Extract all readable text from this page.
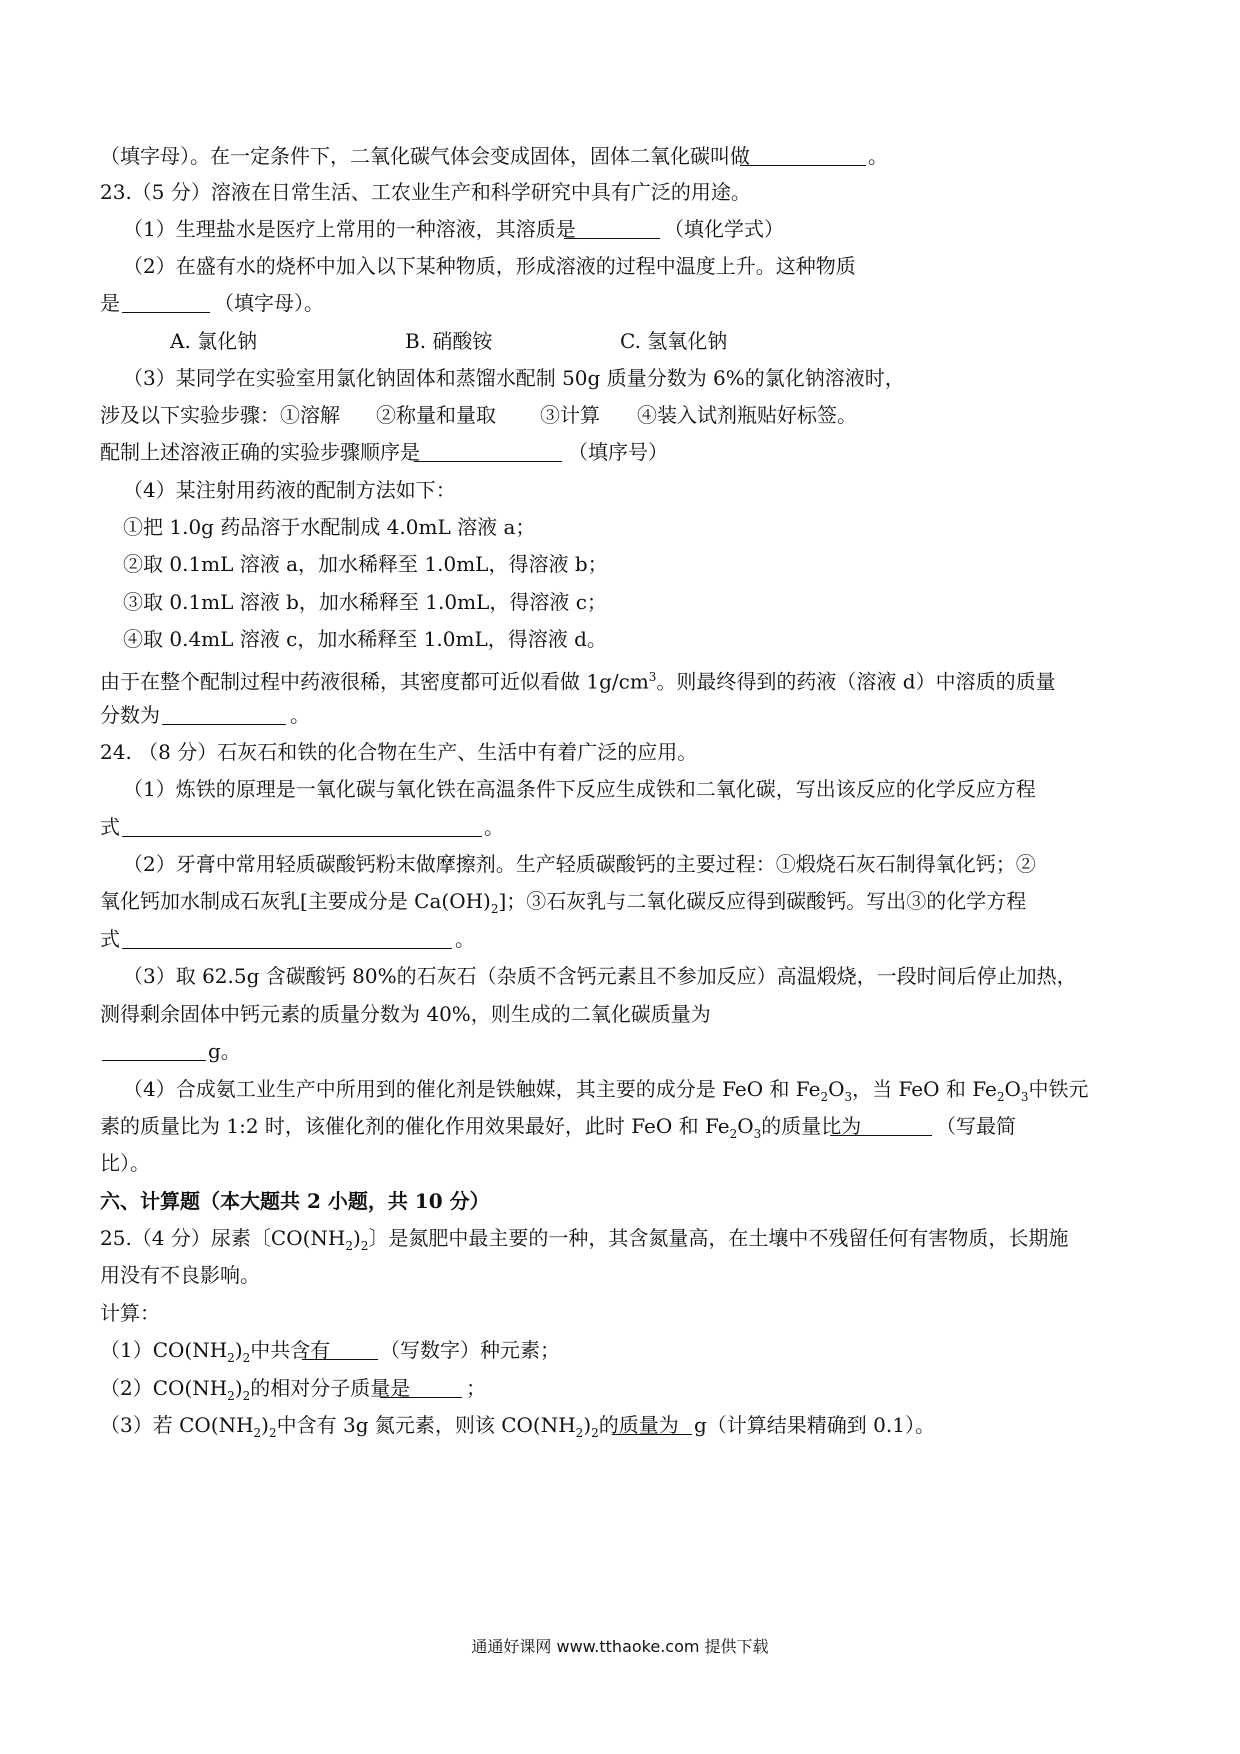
（填字母）。在一定条件下，二氧化碳气体会变成固体，固体二氧化碳叫做	。
23.（5 分）溶液在日常生活、工农业生产和科学研究中具有广泛的用途。
（1）生理盐水是医疗上常用的一种溶液，其溶质是	（填化学式）
（2）在盛有水的烧杯中加入以下某种物质，形成溶液的过程中温度上升。这种物质
是	（填字母）。
A. 氯化钠	B. 硝酸铵	C. 氢氧化钠
（3）某同学在实验室用氯化钠固体和蒸馏水配制 50g 质量分数为 6%的氯化钠溶液时，
涉及以下实验步骤：①溶解 ②称量和量取 ③计算 ④装入试剂瓶贴好标签。
配制上述溶液正确的实验步骤顺序是	（填序号）
（4）某注射用药液的配制方法如下：
①把 1.0g 药品溶于水配制成 4.0mL 溶液 a；
②取 0.1mL 溶液 a，加水稀释至 1.0mL，得溶液 b；
③取 0.1mL 溶液 b，加水稀释至 1.0mL，得溶液 c；
④取 0.4mL 溶液 c，加水稀释至 1.0mL，得溶液 d。
由于在整个配制过程中药液很稀，其密度都可近似看做 $1g/cm^3$。则最终得到的药液（溶液 d）中溶质的质量
分数为	。
24. （8 分）石灰石和铁的化合物在生产、生活中有着广泛的应用。
（1）炼铁的原理是一氧化碳与氧化铁在高温条件下反应生成铁和二氧化碳，写出该反应的化学反应方程
式	。
（2）牙膏中常用轻质碳酸钙粉末做摩擦剂。生产轻质碳酸钙的主要过程：①煅烧石灰石制得氧化钙；②
氧化钙加水制成石灰乳[主要成分是 $Ca(OH)_2$]；③石灰乳与二氧化碳反应得到碳酸钙。写出③的化学方程
式	。
（3）取 62.5g 含碳酸钙 80%的石灰石（杂质不含钙元素且不参加反应）高温煅烧，一段时间后停止加热，
测得剩余固体中钙元素的质量分数为 40%，则生成的二氧化碳质量为
g。
（4）合成氨工业生产中所用到的催化剂是铁触媒，其主要的成分是 FeO 和 $Fe_2O_3$，当 FeO 和 $Fe_2O_3$中铁元
素的质量比为 1:2 时，该催化剂的催化作用效果最好，此时 FeO 和 $Fe_2O_3$的质量比为	（写最简
比）。
六、计算题（本大题共 2 小题，共 10 分）
25.（4 分）尿素〔$CO(NH_2)_2$〕是氮肥中最主要的一种，其含氮量高，在土壤中不残留任何有害物质，长期施
用没有不良影响。
计算：
$(1)CO(NH_2)_2$中共含有 （写数字）种元素；
$(2)CO(NH_2)_2$的相对分子质量是	；
（3）若 $CO(NH_2)_2$中含有 3g 氮元素，则该 $CO(NH_2)_2$的质量为 g（计算结果精确到 0.1）。
通通好课网 www.tthaoke.com 提供下载
